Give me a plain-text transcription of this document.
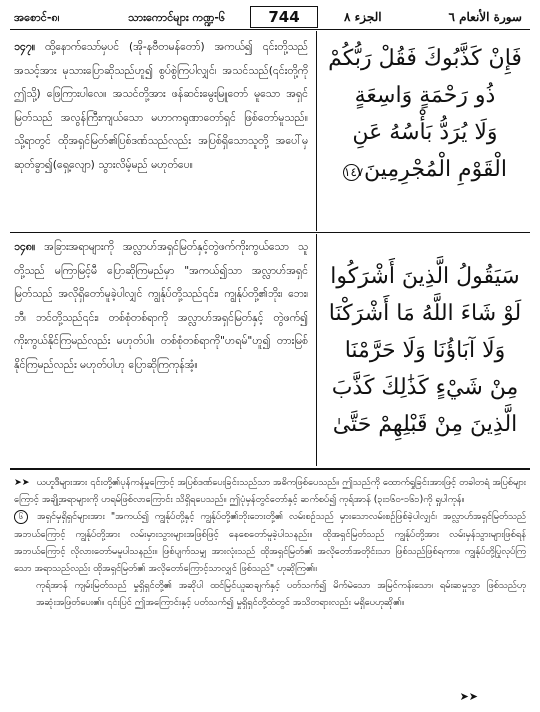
အစောင်-၈၊	သားကောင်များ ကဏ္ဍ-၆	744	الجزء ٨	سورة الأنعام ٦
၁၄၇။ ထို့နောက်သော်မှပင် (အို-နဗီတမန်တော်) အကယ်၍ ၎င်းတို့သည် အသင့်အား မုသားပြောဆိုသည်ဟူ၍ စွပ်စွဲကြပါလျှင်၊ အသင်သည်(၎င်းတို့ကို ဤသို့) ဖြေကြားပါလေ။ အသင်တို့အား ဖန်ဆင်းမွေးမြူတော် မူသော အရှင်မြတ်သည် အလွန်ကြီးကျယ်သော မဟာကရုဏာတော်ရှင် ဖြစ်တော်မူသည်။ သို့ရာတွင် ထိုအရှင်မြတ်၏ပြစ်ဒဏ်သည်လည်း အပြစ်ရှိသောသူတို့ အပေါ်မှ ဆုတ်ခွာ၍(ရှေ့လျော) သွားလိမ့်မည် မဟုတ်ပေ။
فَإِنْ كَذَّبُوكَ فَقُلْ رَبُّكُمْ
ذُو رَحْمَةٍ وَاسِعَةٍ
وَلَا يُرَدُّ بَأْسُهُ عَنِ
الْقَوْمِ الْمُجْرِمِينَ١٤٧
၁၄၈။ အခြားအရာများကို အလ္လာဟ်အရှင်မြတ်နှင့်တွဲဖက်ကိုးကွယ်သော သူတို့သည် မကြာမြင့်မီ ပြောဆိုကြမည်မှာ "အကယ်၍သာ အလ္လာဟ်အရှင်မြတ်သည် အလိုရှိတော်မူခဲ့ပါလျှင် ကျွန်ုပ်တို့သည်၎င်း၊ ကျွန်ုပ်တို့၏ဘိုး၊ ဘေး၊ ဘီ၊ ဘင်တို့သည်၎င်း၊ တစ်စုံတစ်ရာကို အလ္လာဟ်အရှင်မြတ်နှင့် တွဲဖက်၍ ကိုးကွယ်နိုင်ကြမည်လည်း မဟုတ်ပါ။ တစ်စုံတစ်ရာကို"ဟရမ်"ဟူ၍ တားမြစ်နိုင်ကြမည်လည်း မဟုတ်ပါဟု ပြောဆိုကြကုန်အံ့။
سَيَقُولُ الَّذِينَ أَشْرَكُوا
لَوْ شَاءَ اللَّهُ مَا أَشْرَكْنَا
وَلَا آبَاؤُنَا وَلَا حَرَّمْنَا
مِنْ شَيْءٍ كَذَٰلِكَ كَذَّبَ
الَّذِينَ مِنْ قَبْلِهِمْ حَتَّىٰ

➤➤ ယဟူဒီများအား ၎င်းတို့၏ပုန်ကန်မှုကြောင့် အပြစ်ဒဏ်ပေးခြင်းသည်သာ အဓိကဖြစ်ပေသည်။ ဤသည်ကို ထောက်ရှုခြင်းအားဖြင့် တခါတရံ အပြစ်များကြောင့် အချို့အရာများကို ဟရမ်ဖြစ်လာကြောင်း သိရှိရပေသည်။ ဤပုံမှန်တွင်တော်နှင့် ဆက်စပ်၍ ကုရ်အာန် (၃း၁၆၀-၁၆၁)ကို ရှုပါကုန်။

၆ အရှင်မှရှိရှင်များအား "အကယ်၍ ကျွန်ုပ်တို့နှင့် ကျွန်ုပ်တို့၏ဘိုးဘေးတို့၏ လမ်းစဉ်သည် မှားသောလမ်းစဉ်ဖြစ်ခဲ့ပါလျှင်၊ အလ္လာဟ်အရှင်မြတ်သည် အဘယ်ကြောင့် ကျွန်ုပ်တို့အား လမ်းမှားသွားများအဖြစ်ဖြင့် နေစေတော်မူခဲ့ပါသနည်း။ ထိုအရှင်မြတ်သည် ကျွန်ုပ်တို့အား လမ်းမှန်သွားများဖြစ်ရန် အဘယ်ကြောင့် လိုလားတော်မမူပါသနည်း။ ဖြစ်ပျက်သမျှ အားလုံးသည် ထိုအရှင်မြတ်၏ အလိုတော်အတိုင်းသာ ဖြစ်သည်ဖြစ်ရကား၊ ကျွန်ုပ်တို့ပြုလုပ်ကြသော အရာသည်လည်း ထိုအရှင်မြတ်၏ အလိုတော်ကြောင့်သာလျှင် ဖြစ်သည်" ဟုဆိုကြ၏။

ကုရ်အာန် ကျမ်းမြတ်သည် မှုရှိရှင်တို့၏ အဆိုပါ ထင်မြင်ယူဆချက်နှင့် ပတ်သက်၍ မိက်မဲသော အမြင်ကန်းသော၊ ရမ်းဆမှုသွာ ဖြစ်သည်ဟု အဆုံးအဖြတ်ပေး၏။ ၎င်းပြင် ဤအကြောင်းနှင့် ပတ်သက်၍ မှုရှိရှင်တို့ထံတွင် အသိတရားလည်း မရှိပေဟုဆို၏။

➤➤
